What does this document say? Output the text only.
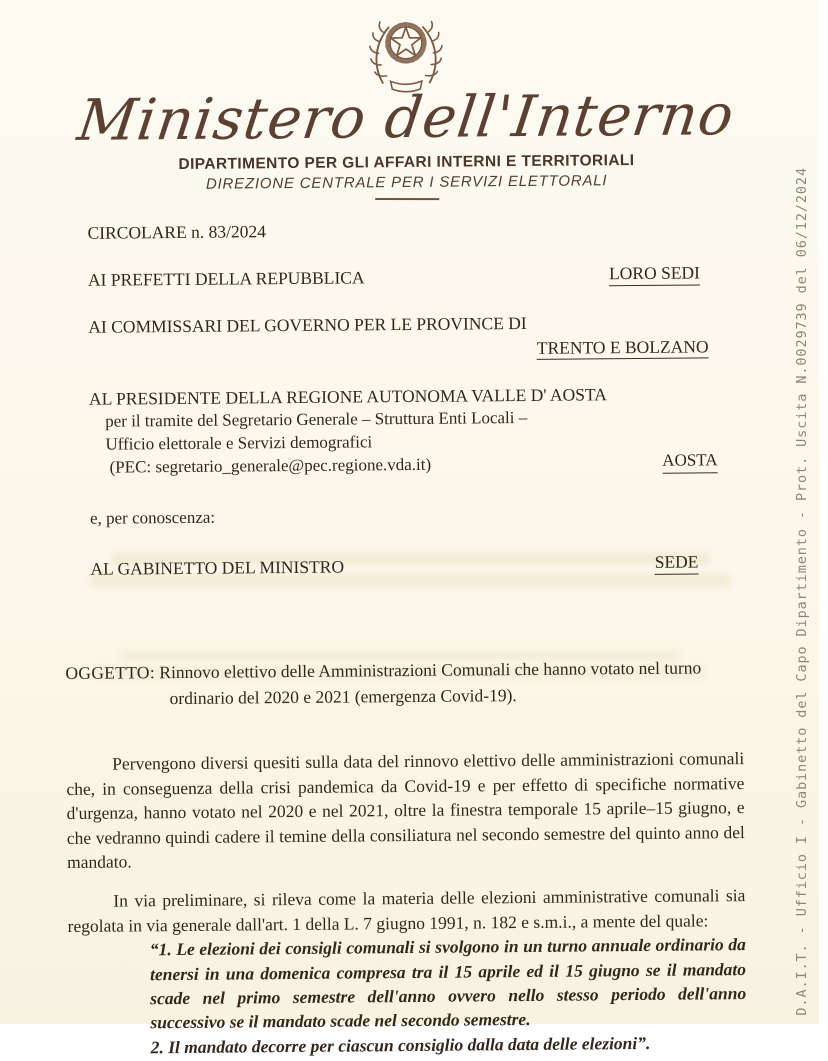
Ministero dell'Interno
DIPARTIMENTO PER GLI AFFARI INTERNI E TERRITORIALI
DIREZIONE CENTRALE PER I SERVIZI ELETTORALI

CIRCOLARE n. 83/2024

AI PREFETTI DELLA REPUBBLICA	LORO SEDI
AI COMMISSARI DEL GOVERNO PER LE PROVINCE DI
TRENTO E BOLZANO
AL PRESIDENTE DELLA REGIONE AUTONOMA VALLE D' AOSTA
per il tramite del Segretario Generale – Struttura Enti Locali –
Ufficio elettorale e Servizi demografici
(PEC: segretario_generale@pec.regione.vda.it)	AOSTA

e, per conoscenza:

AL GABINETTO DEL MINISTRO	SEDE

OGGETTO: Rinnovo elettivo delle Amministrazioni Comunali che hanno votato nel turno ordinario del 2020 e 2021 (emergenza Covid-19).

Pervengono diversi quesiti sulla data del rinnovo elettivo delle amministrazioni comunali che, in conseguenza della crisi pandemica da Covid-19 e per effetto di specifiche normative d'urgenza, hanno votato nel 2020 e nel 2021, oltre la finestra temporale 15 aprile–15 giugno, e che vedranno quindi cadere il temine della consiliatura nel secondo semestre del quinto anno del mandato.

In via preliminare, si rileva come la materia delle elezioni amministrative comunali sia regolata in via generale dall'art. 1 della L. 7 giugno 1991, n. 182 e s.m.i., a mente del quale:

“1. Le elezioni dei consigli comunali si svolgono in un turno annuale ordinario da tenersi in una domenica compresa tra il 15 aprile ed il 15 giugno se il mandato scade nel primo semestre dell'anno ovvero nello stesso periodo dell'anno successivo se il mandato scade nel secondo semestre.

2. Il mandato decorre per ciascun consiglio dalla data delle elezioni”.

D.A.I.T. - Ufficio I - Gabinetto del Capo Dipartimento - Prot. Uscita N.0029739 del 06/12/2024
